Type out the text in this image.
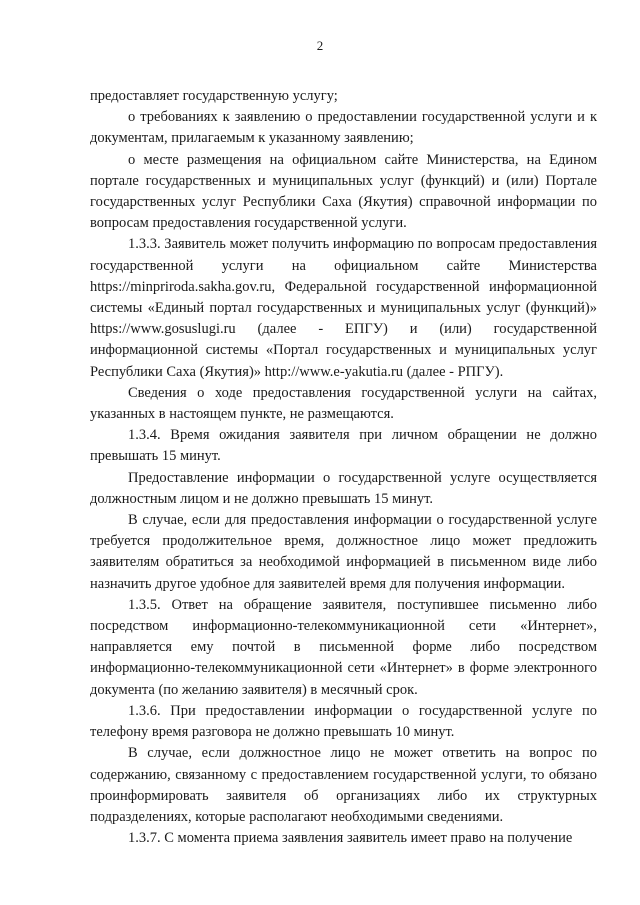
2

предоставляет государственную услугу;

о требованиях к заявлению о предоставлении государственной услуги и к документам, прилагаемым к указанному заявлению;

о месте размещения на официальном сайте Министерства, на Едином портале государственных и муниципальных услуг (функций) и (или) Портале государственных услуг Республики Саха (Якутия) справочной информации по вопросам предоставления государственной услуги.

1.3.3. Заявитель может получить информацию по вопросам предоставления государственной услуги на официальном сайте Министерства https://minpriroda.sakha.gov.ru, Федеральной государственной информационной системы «Единый портал государственных и муниципальных услуг (функций)» https://www.gosuslugi.ru (далее - ЕПГУ) и (или) государственной информационной системы «Портал государственных и муниципальных услуг Республики Саха (Якутия)» http://www.e-yakutia.ru (далее - РПГУ).

Сведения о ходе предоставления государственной услуги на сайтах, указанных в настоящем пункте, не размещаются.

1.3.4. Время ожидания заявителя при личном обращении не должно превышать 15 минут.

Предоставление информации о государственной услуге осуществляется должностным лицом и не должно превышать 15 минут.

В случае, если для предоставления информации о государственной услуге требуется продолжительное время, должностное лицо может предложить заявителям обратиться за необходимой информацией в письменном виде либо назначить другое удобное для заявителей время для получения информации.

1.3.5. Ответ на обращение заявителя, поступившее письменно либо посредством информационно-телекоммуникационной сети «Интернет», направляется ему почтой в письменной форме либо посредством информационно-телекоммуникационной сети «Интернет» в форме электронного документа (по желанию заявителя) в месячный срок.

1.3.6. При предоставлении информации о государственной услуге по телефону время разговора не должно превышать 10 минут.

В случае, если должностное лицо не может ответить на вопрос по содержанию, связанному с предоставлением государственной услуги, то обязано проинформировать заявителя об организациях либо их структурных подразделениях, которые располагают необходимыми сведениями.

1.3.7. С момента приема заявления заявитель имеет право на получение
